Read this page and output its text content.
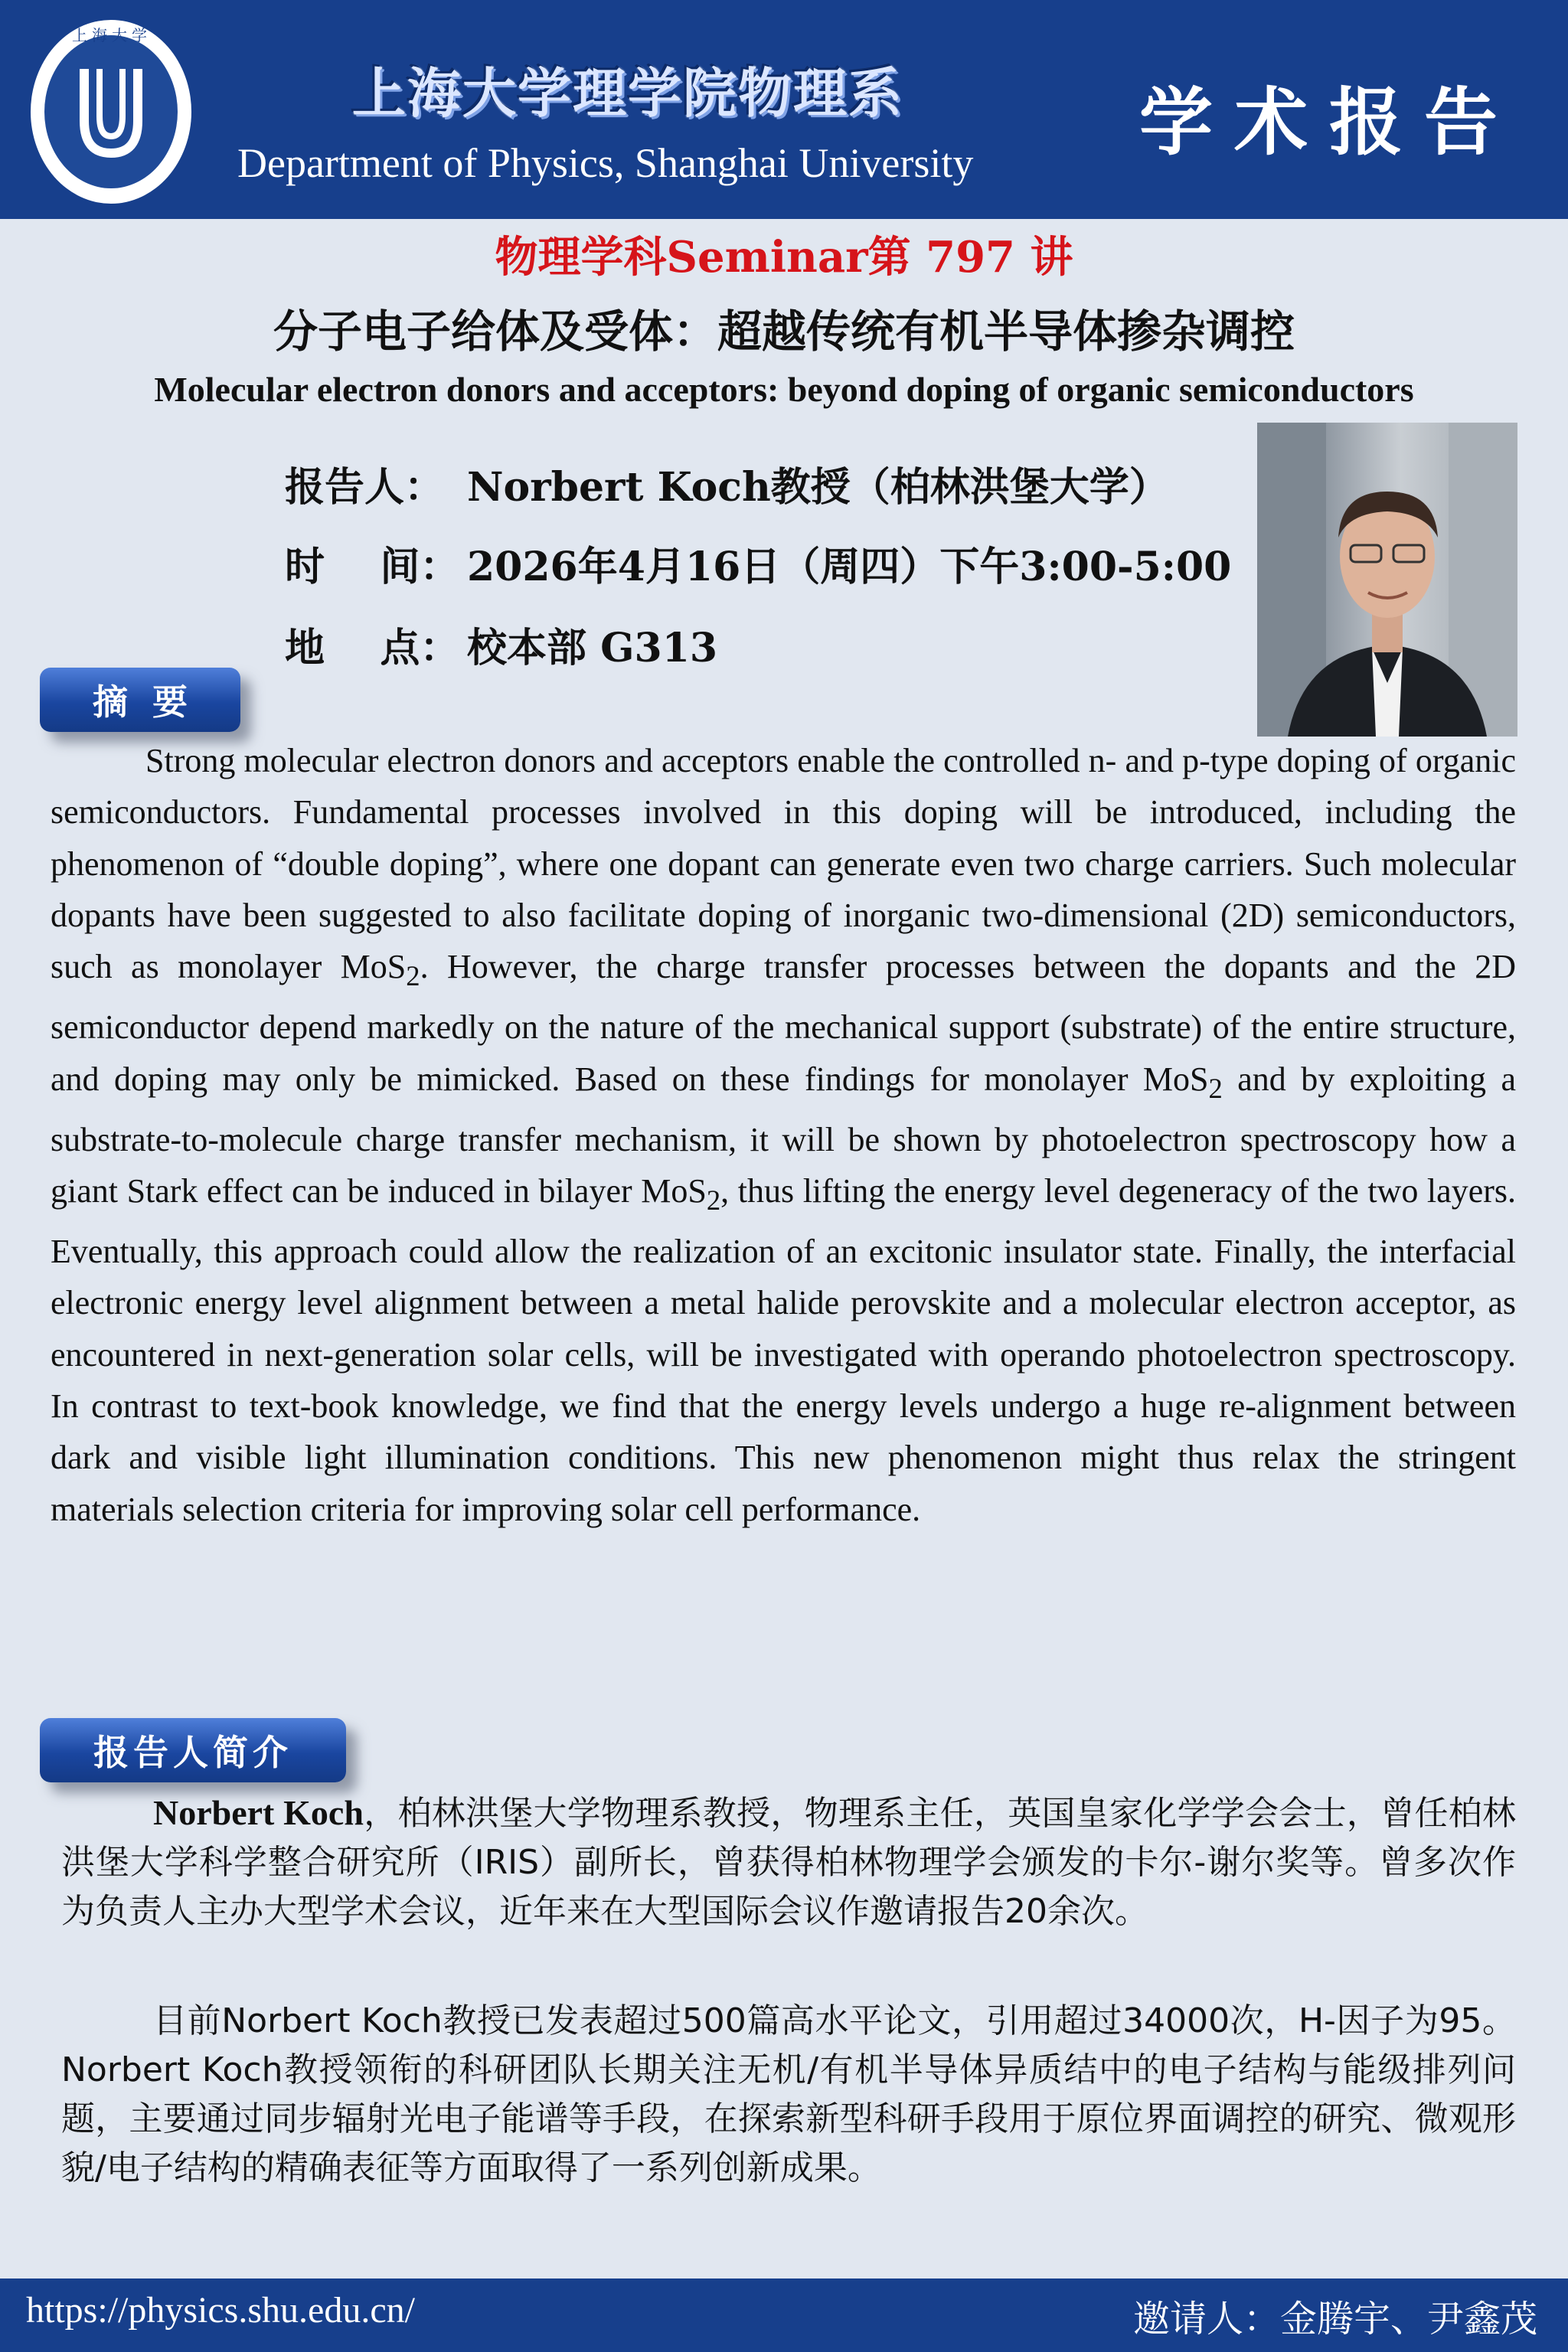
上海大学
上海大学理学院物理系
Department of Physics, Shanghai University 学术报告
物理学科Seminar第 797 讲
分子电子给体及受体：超越传统有机半导体掺杂调控
Molecular electron donors and acceptors: beyond doping of organic semiconductors
报告人： Norbert Koch教授（柏林洪堡大学）
时    间： 2026年4月16日（周四）下午3:00-5:00
地    点： 校本部 G313
摘  要
Strong molecular electron donors and acceptors enable the controlled n- and p-type doping of organic semiconductors. Fundamental processes involved in this doping will be introduced, including the phenomenon of “double doping”, where one dopant can generate even two charge carriers. Such molecular dopants have been suggested to also facilitate doping of inorganic two-dimensional (2D) semiconductors, such as monolayer MoS$_2$. However, the charge transfer processes between the dopants and the 2D semiconductor depend markedly on the nature of the mechanical support (substrate) of the entire structure, and doping may only be mimicked. Based on these findings for monolayer MoS$_2$ and by exploiting a substrate-to-molecule charge transfer mechanism, it will be shown by photoelectron spectroscopy how a giant Stark effect can be induced in bilayer MoS$_2$, thus lifting the energy level degeneracy of the two layers. Eventually, this approach could allow the realization of an excitonic insulator state. Finally, the interfacial electronic energy level alignment between a metal halide perovskite and a molecular electron acceptor, as encountered in next-generation solar cells, will be investigated with operando photoelectron spectroscopy. In contrast to text-book knowledge, we find that the energy levels undergo a huge re-alignment between dark and visible light illumination conditions. This new phenomenon might thus relax the stringent materials selection criteria for improving solar cell performance.
报告人简介
Norbert Koch，柏林洪堡大学物理系教授，物理系主任，英国皇家化学学会会士，曾任柏林洪堡大学科学整合研究所（IRIS）副所长，曾获得柏林物理学会颁发的卡尔-谢尔奖等。曾多次作为负责人主办大型学术会议，近年来在大型国际会议作邀请报告20余次。
目前Norbert Koch教授已发表超过500篇高水平论文，引用超过34000次，H-因子为95。Norbert Koch教授领衔的科研团队长期关注无机/有机半导体异质结中的电子结构与能级排列问题，主要通过同步辐射光电子能谱等手段，在探索新型科研手段用于原位界面调控的研究、微观形貌/电子结构的精确表征等方面取得了一系列创新成果。
https://physics.shu.edu.cn/	邀请人：金腾宇、尹鑫茂
